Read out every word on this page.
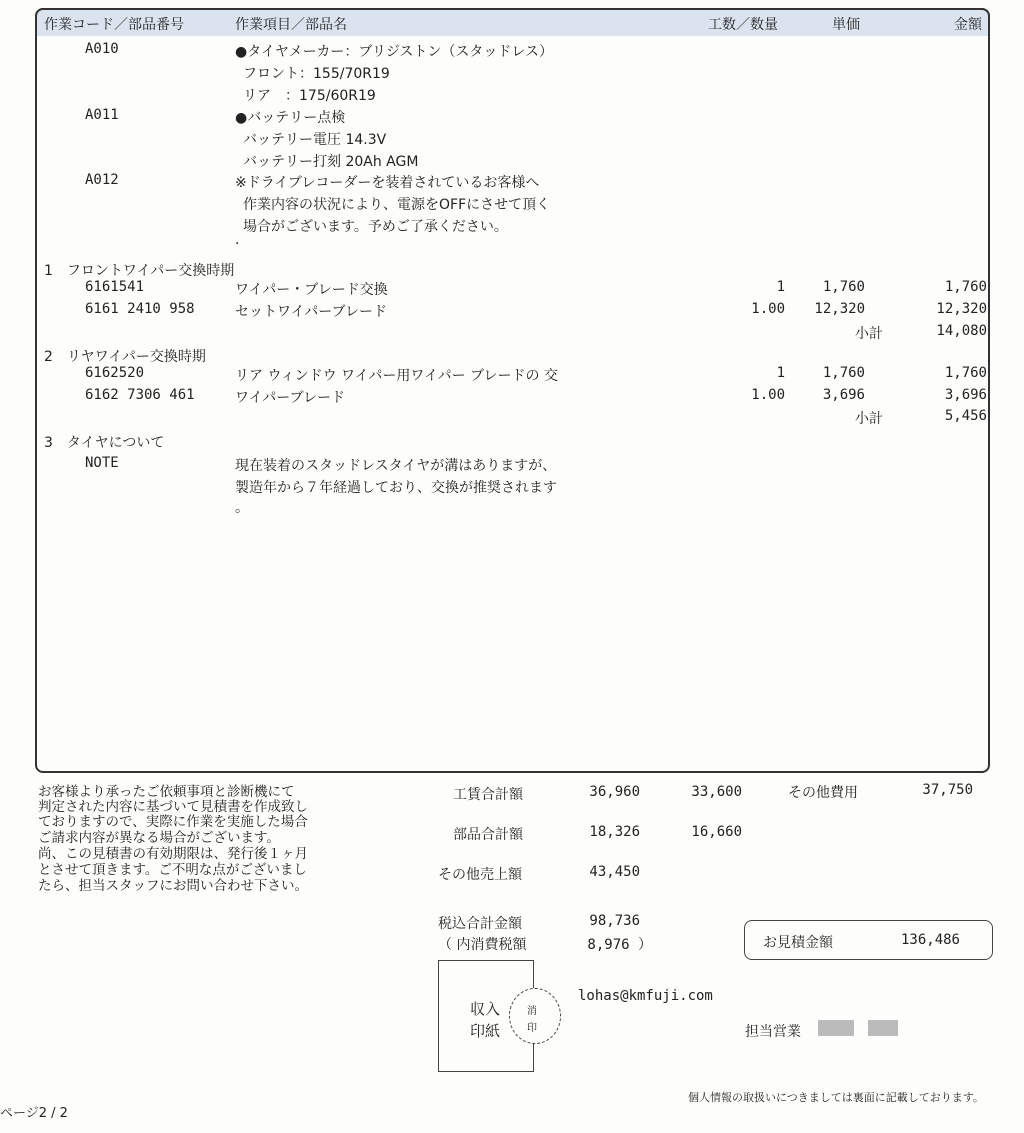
作業コード／部品番号	作業項目／部品名	工数／数量	単価	金額
A010	●タイヤメーカー：ブリジストン（スタッドレス）
フロント：155/70R19
リア　：175/60R19
A011	●バッテリー点検
バッテリー電圧 14.3V
バッテリー打刻 20Ah AGM
A012	※ドライブレコーダーを装着されているお客様へ
作業内容の状況により、電源をOFFにさせて頂く
場合がございます。予めご了承ください。
.
1　フロントワイパー交換時期
6161541	ワイパー・ブレード交換	1	1,760	1,760
6161 2410 958	セットワイパーブレード	1.00	12,320	12,320
小計	14,080
2　リヤワイパー交換時期
6162520	リア ウィンドウ ワイパー用ワイパー ブレードの 交	1	1,760	1,760
6162 7306 461	ワイパーブレード	1.00	3,696	3,696
小計	5,456
3　タイヤについて
NOTE	現在装着のスタッドレスタイヤが溝はありますが、
製造年から７年経過しており、交換が推奨されます
。
お客様より承ったご依頼事項と診断機にて
判定された内容に基づいて見積書を作成致し
ておりますので、実際に作業を実施した場合
ご請求内容が異なる場合がございます。
尚、この見積書の有効期限は、発行後１ヶ月
とさせて頂きます。ご不明な点がございまし
たら、担当スタッフにお問い合わせ下さい。
工賃合計額	36,960	33,600	その他費用	37,750
部品合計額	18,326	16,660
その他売上額	43,450
税込合計金額	98,736
（ 内消費税額	8,976 ）	お見積金額	136,486
収入
印紙
消
印
lohas@kmfuji.com
担当営業
個人情報の取扱いにつきましては裏面に記載しております。
ページ2 / 2
